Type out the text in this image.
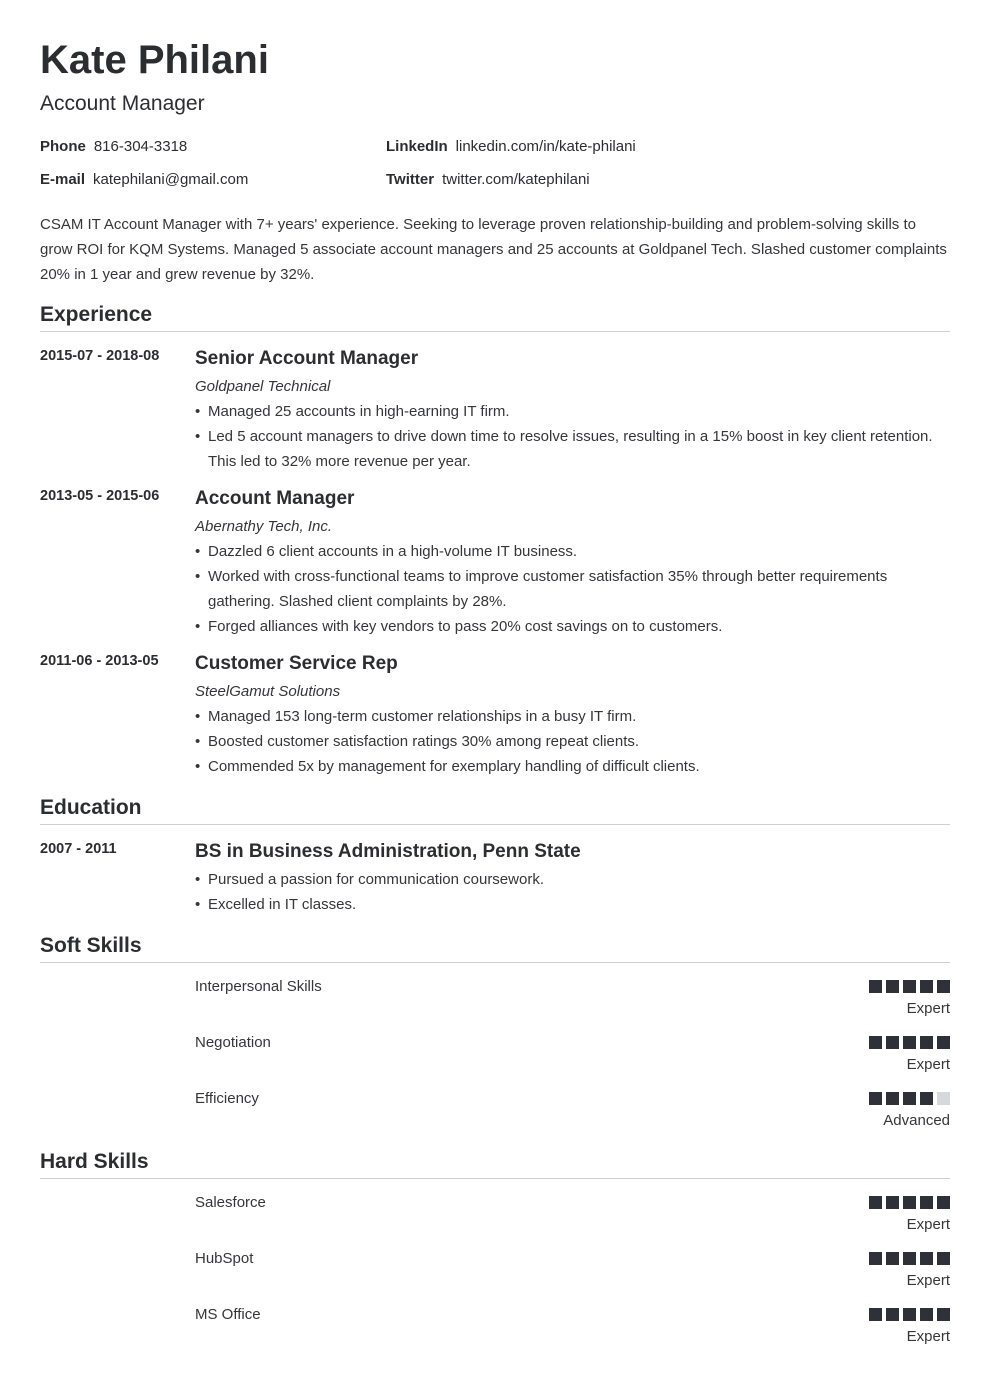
Kate Philani
Account Manager
Phone 816-304-3318
E-mail katephilani@gmail.com
LinkedIn linkedin.com/in/kate-philani
Twitter twitter.com/katephilani
CSAM IT Account Manager with 7+ years' experience. Seeking to leverage proven relationship-building and problem-solving skills to grow ROI for KQM Systems. Managed 5 associate account managers and 25 accounts at Goldpanel Tech. Slashed customer complaints 20% in 1 year and grew revenue by 32%.
Experience
2015-07 - 2018-08 Senior Account Manager
Goldpanel Technical
• Managed 25 accounts in high-earning IT firm.
• Led 5 account managers to drive down time to resolve issues, resulting in a 15% boost in key client retention. This led to 32% more revenue per year.
2013-05 - 2015-06 Account Manager
Abernathy Tech, Inc.
• Dazzled 6 client accounts in a high-volume IT business.
• Worked with cross-functional teams to improve customer satisfaction 35% through better requirements gathering. Slashed client complaints by 28%.
• Forged alliances with key vendors to pass 20% cost savings on to customers.
2011-06 - 2013-05 Customer Service Rep
SteelGamut Solutions
• Managed 153 long-term customer relationships in a busy IT firm.
• Boosted customer satisfaction ratings 30% among repeat clients.
• Commended 5x by management for exemplary handling of difficult clients.
Education
2007 - 2011	BS in Business Administration, Penn State
• Pursued a passion for communication coursework.
• Excelled in IT classes.
Soft Skills
Interpersonal Skills
Expert
Negotiation
Expert
Efficiency
Advanced
Hard Skills
Salesforce
Expert
HubSpot
Expert
MS Office
Expert
